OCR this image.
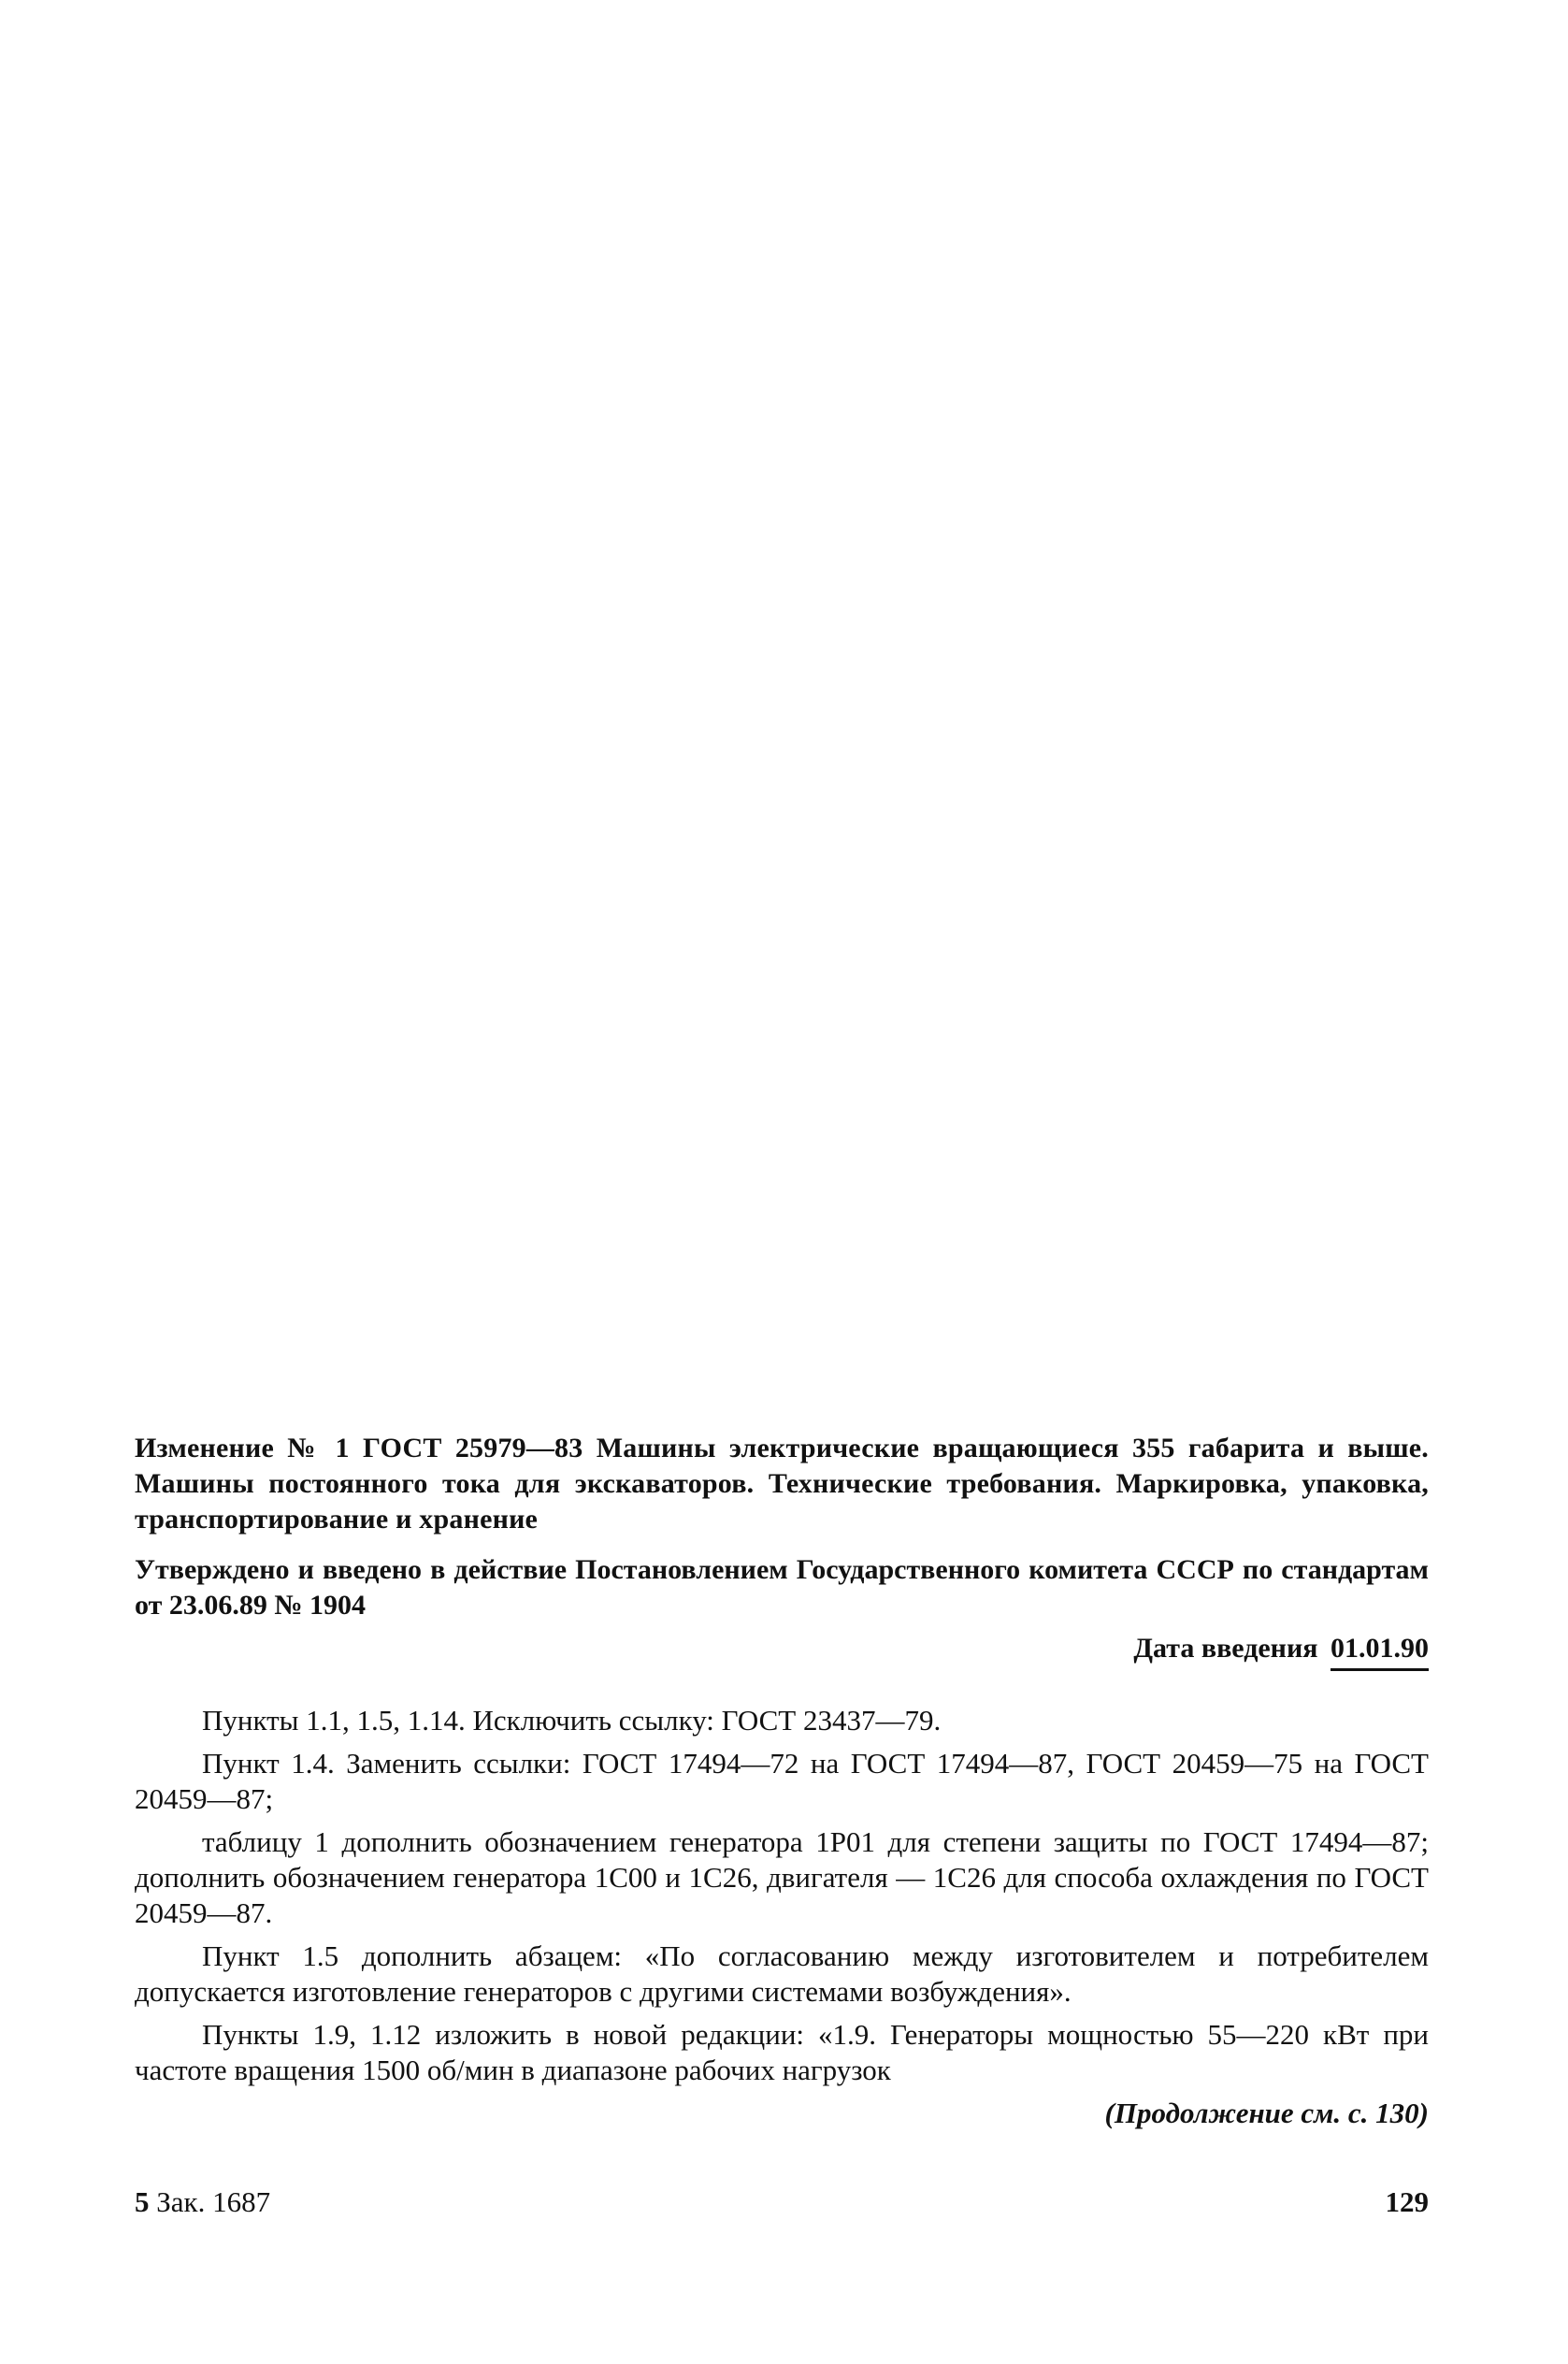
Изменение № 1 ГОСТ 25979—83 Машины электрические вращающиеся 355 габарита и выше. Машины постоянного тока для экскаваторов. Технические требования. Маркировка, упаковка, транспортирование и хранение
Утверждено и введено в действие Постановлением Государственного комитета СССР по стандартам от 23.06.89 № 1904
Дата введения 01.01.90

Пункты 1.1, 1.5, 1.14. Исключить ссылку: ГОСТ 23437—79.

Пункт 1.4. Заменить ссылки: ГОСТ 17494—72 на ГОСТ 17494—87, ГОСТ 20459—75 на ГОСТ 20459—87;

таблицу 1 дополнить обозначением генератора 1Р01 для степени защиты по ГОСТ 17494—87; дополнить обозначением генератора 1С00 и 1С26, двигателя — 1С26 для способа охлаждения по ГОСТ 20459—87.

Пункт 1.5 дополнить абзацем: «По согласованию между изготовителем и потребителем допускается изготовление генераторов с другими системами возбуждения».

Пункты 1.9, 1.12 изложить в новой редакции: «1.9. Генераторы мощностью 55—220 кВт при частоте вращения 1500 об/мин в диапазоне рабочих нагрузок

(Продолжение см. с. 130)
5 Зак. 1687	129
